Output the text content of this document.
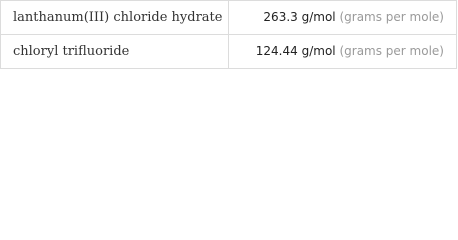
lanthanum(III) chloride hydrate	263.3 g/mol (grams per mole)
chloryl trifluoride	124.44 g/mol (grams per mole)
